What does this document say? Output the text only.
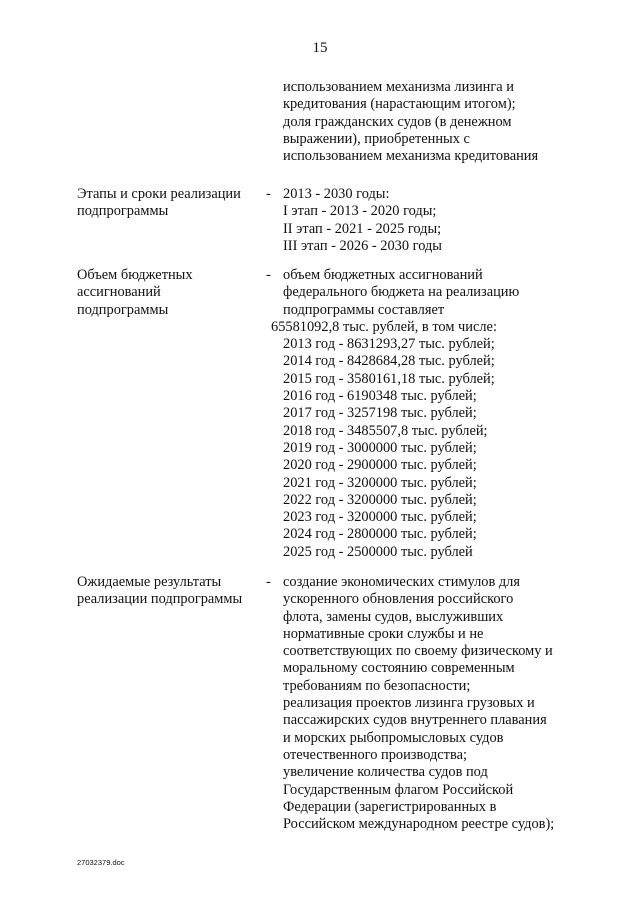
15
использованием механизма лизинга и
кредитования (нарастающим итогом);
доля гражданских судов (в денежном
выражении), приобретенных с
использованием механизма кредитования
Этапы и сроки реализации
подпрограммы
- 2013 - 2030 годы:
I этап - 2013 - 2020 годы;
II этап - 2021 - 2025 годы;
III этап - 2026 - 2030 годы
Объем бюджетных
ассигнований
подпрограммы
- объем бюджетных ассигнований
федерального бюджета на реализацию
подпрограммы составляет
65581092,8 тыс. рублей, в том числе:
2013 год - 8631293,27 тыс. рублей;
2014 год - 8428684,28 тыс. рублей;
2015 год - 3580161,18 тыс. рублей;
2016 год - 6190348 тыс. рублей;
2017 год - 3257198 тыс. рублей;
2018 год - 3485507,8 тыс. рублей;
2019 год - 3000000 тыс. рублей;
2020 год - 2900000 тыс. рублей;
2021 год - 3200000 тыс. рублей;
2022 год - 3200000 тыс. рублей;
2023 год - 3200000 тыс. рублей;
2024 год - 2800000 тыс. рублей;
2025 год - 2500000 тыс. рублей
Ожидаемые результаты
реализации подпрограммы
- создание экономических стимулов для
ускоренного обновления российского
флота, замены судов, выслуживших
нормативные сроки службы и не
соответствующих по своему физическому и
моральному состоянию современным
требованиям по безопасности;
реализация проектов лизинга грузовых и
пассажирских судов внутреннего плавания
и морских рыбопромысловых судов
отечественного производства;
увеличение количества судов под
Государственным флагом Российской
Федерации (зарегистрированных в
Российском международном реестре судов);
27032379.doc
